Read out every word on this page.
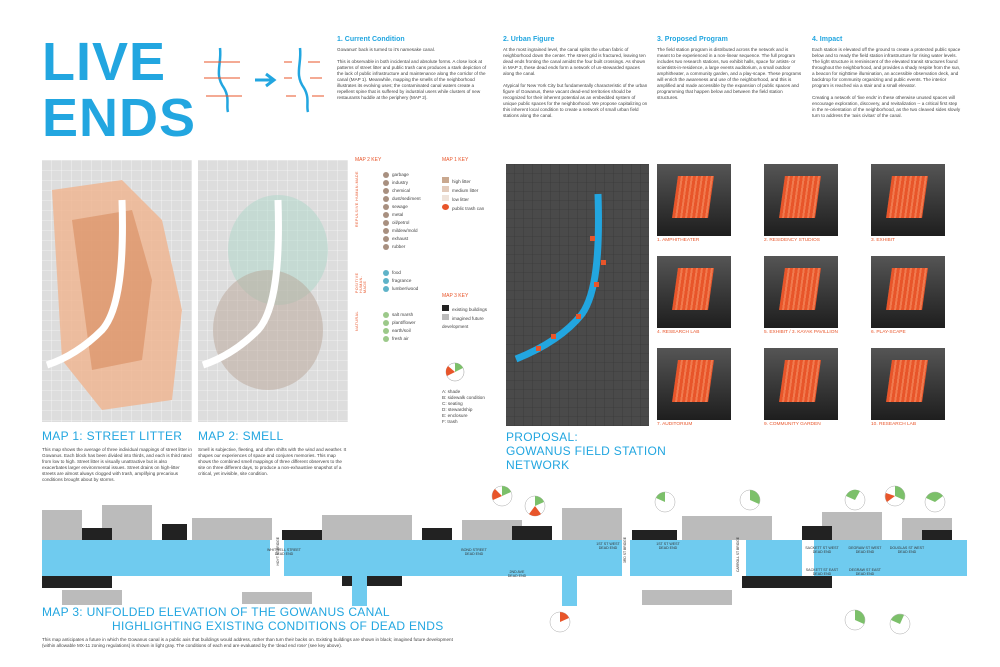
LIVE
ENDS
1. Current Condition
Gowanus' back is turned to it's namesake canal.

This is observable in both incidental and absolute forms. A close look at patterns of street litter and public trash cans produces a stark depiction of the lack of public infrastructure and maintenance along the corridor of the canal (MAP 1). Meanwhile, mapping the smells of the neighborhood illustrates its evolving uses; the contaminated canal waters create a repellent spine that is suffered by industrial users while clusters of new restaurants huddle at the periphery (MAP 2).
2. Urban Figure
At the most ingrained level, the canal splits the urban fabric of neighborhood down the center. The street grid is fractured, leaving ten dead ends fronting the canal amidst the four built crossings. As shown in MAP 3, these dead ends form a network of un-stewarded spaces along the canal.

Atypical for New York City but fundamentally characteristic of the urban figure of Gowanus, these vacant dead-end territories should be recognized for their inherent potential as an embedded system of unique public spaces for the neighborhood. We propose capitalizing on this inherent local condition to create a network of small urban field stations along the canal.
3. Proposed Program
The field station program is distributed across the network and is meant to be experienced in a non-linear sequence. The full program includes two research stations, two exhibit halls, space for artists- or scientists-in-residence, a large events auditorium, a small outdoor amphitheater, a community garden, and a play-scape. These programs will enrich the awareness and use of the neighborhood, and this is amplified and made accessible by the expansion of public spaces and programming that happen below and between the field station structures.
4. Impact
Each station is elevated off the ground to create a protected public space below and to ready the field station infrastructure for rising water levels. The light structure is reminiscent of the elevated transit structures found throughout the neighborhood, and provides a shady respite from the sun, a beacon for nighttime illumination, an accessible observation deck, and backdrop for community organizing and public events. The interior program is reached via a stair and a small elevator.

Creating a network of 'live ends' in these otherwise unused spaces will encourage exploration, discovery, and revitalization -- a critical first step in the re-orientation of the neighborhood, as the two cleaved sides slowly turn to address the 'axis civitas' of the canal.
MAP 1: STREET LITTER
This map shows the average of three individual mappings of street litter in Gowanus. Each block has been divided into thirds, and each is third rated from low to high. Street litter is visually unattractive but is also exacerbates larger environmental issues. Street drains on high-litter streets are almost always clogged with trash, amplifying precarious conditions brought about by storms.
MAP 2: SMELL
Smell is subjective, fleeting, and often shifts with the wind and weather. It shapes our experiences of space and conjures memories. This map shows the combined smell mappings of three different observers to the site on three different days, to produce a non-exhaustive snapshot of a critical, yet invisible, site condition.
MAP 2 KEY
REPULSIVE HUMAN-MADE	garbage
industry
chemical
dust/sediment
sewage
metal
oil/petrol
mildew/mold
exhaust
rubber
POSITIVE HUMAN-MADE
food
fragrance
lumber/wood
NATURAL	salt marsh
plant/flower
earth/soil
fresh air
MAP 1 KEY
high litter
medium litter
low litter
public trash can
MAP 3 KEY
existing buildings
imagined future development
A: shade
B: sidewalk condition
C: seating
D: stewardship
E: enclosure
F: trash
PROPOSAL:
GOWANUS FIELD STATION NETWORK
1. AMPHITHEATER	2. RESIDENCY STUDIOS	3. EXHIBIT
4. RESEARCH LAB	5. EXHIBIT / 3. KAYAK PAVILLION	6. PLAY-SCAPE
7. AUDITORIUM	9. COMMUNITY GARDEN	10. RESEARCH LAB
WHITWELL STREET
DEAD END
BOND STREET
DEAD END
2ND AVE
DEAD END
1ST ST WEST
DEAD END
1ST ST WEST
DEAD END	SACKETT ST WEST
DEAD END
DEGRAW ST WEST
DEAD END
DOUGLAS ST WEST
DEAD END
SACKETT ST EAST
DEAD END
DEGRAW ST EAST
DEAD END
HOYT ST BRIDGE	3RD ST BRIDGE	CARROLL ST BRIDGE
MAP 3: UNFOLDED ELEVATION OF THE GOWANUS CANAL
HIGHLIGHTING EXISTING CONDITIONS OF DEAD ENDS
This map anticipates a future in which the Gowanus canal is a public axis that buildings would address, rather than turn their backs on. Existing buildings are shown in black; imagined future development (within allowable MX-11 zoning regulations) is shown in light gray. The conditions of each end are evaluated by the 'dead end rose' (see key above).
